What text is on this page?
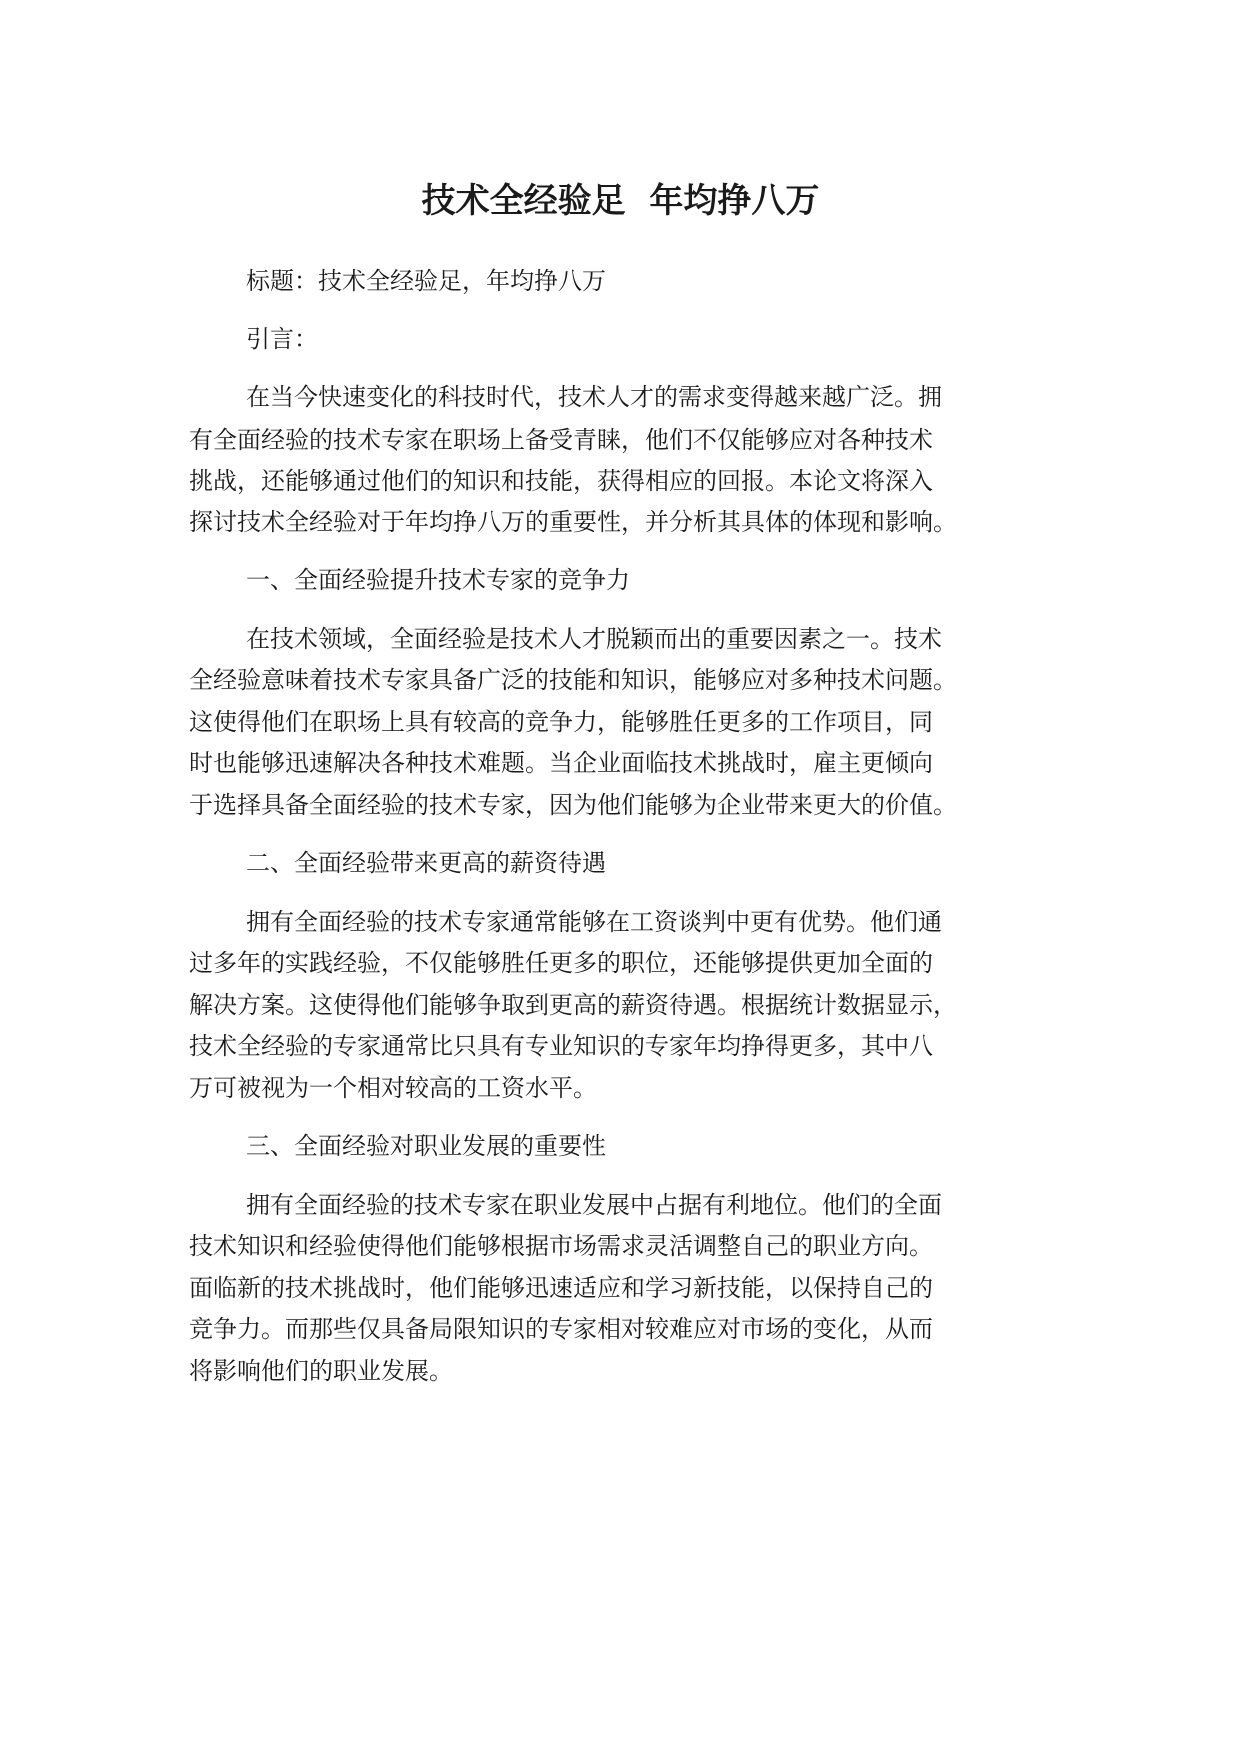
技术全经验足  年均挣八万
标题：技术全经验足，年均挣八万
引言：
在当今快速变化的科技时代，技术人才的需求变得越来越广泛。拥
有全面经验的技术专家在职场上备受青睐，他们不仅能够应对各种技术
挑战，还能够通过他们的知识和技能，获得相应的回报。本论文将深入
探讨技术全经验对于年均挣八万的重要性，并分析其具体的体现和影响。
一、全面经验提升技术专家的竞争力
在技术领域，全面经验是技术人才脱颖而出的重要因素之一。技术
全经验意味着技术专家具备广泛的技能和知识，能够应对多种技术问题。
这使得他们在职场上具有较高的竞争力，能够胜任更多的工作项目，同
时也能够迅速解决各种技术难题。当企业面临技术挑战时，雇主更倾向
于选择具备全面经验的技术专家，因为他们能够为企业带来更大的价值。
二、全面经验带来更高的薪资待遇
拥有全面经验的技术专家通常能够在工资谈判中更有优势。他们通
过多年的实践经验，不仅能够胜任更多的职位，还能够提供更加全面的
解决方案。这使得他们能够争取到更高的薪资待遇。根据统计数据显示，
技术全经验的专家通常比只具有专业知识的专家年均挣得更多，其中八
万可被视为一个相对较高的工资水平。
三、全面经验对职业发展的重要性
拥有全面经验的技术专家在职业发展中占据有利地位。他们的全面
技术知识和经验使得他们能够根据市场需求灵活调整自己的职业方向。
面临新的技术挑战时，他们能够迅速适应和学习新技能，以保持自己的
竞争力。而那些仅具备局限知识的专家相对较难应对市场的变化，从而
将影响他们的职业发展。
